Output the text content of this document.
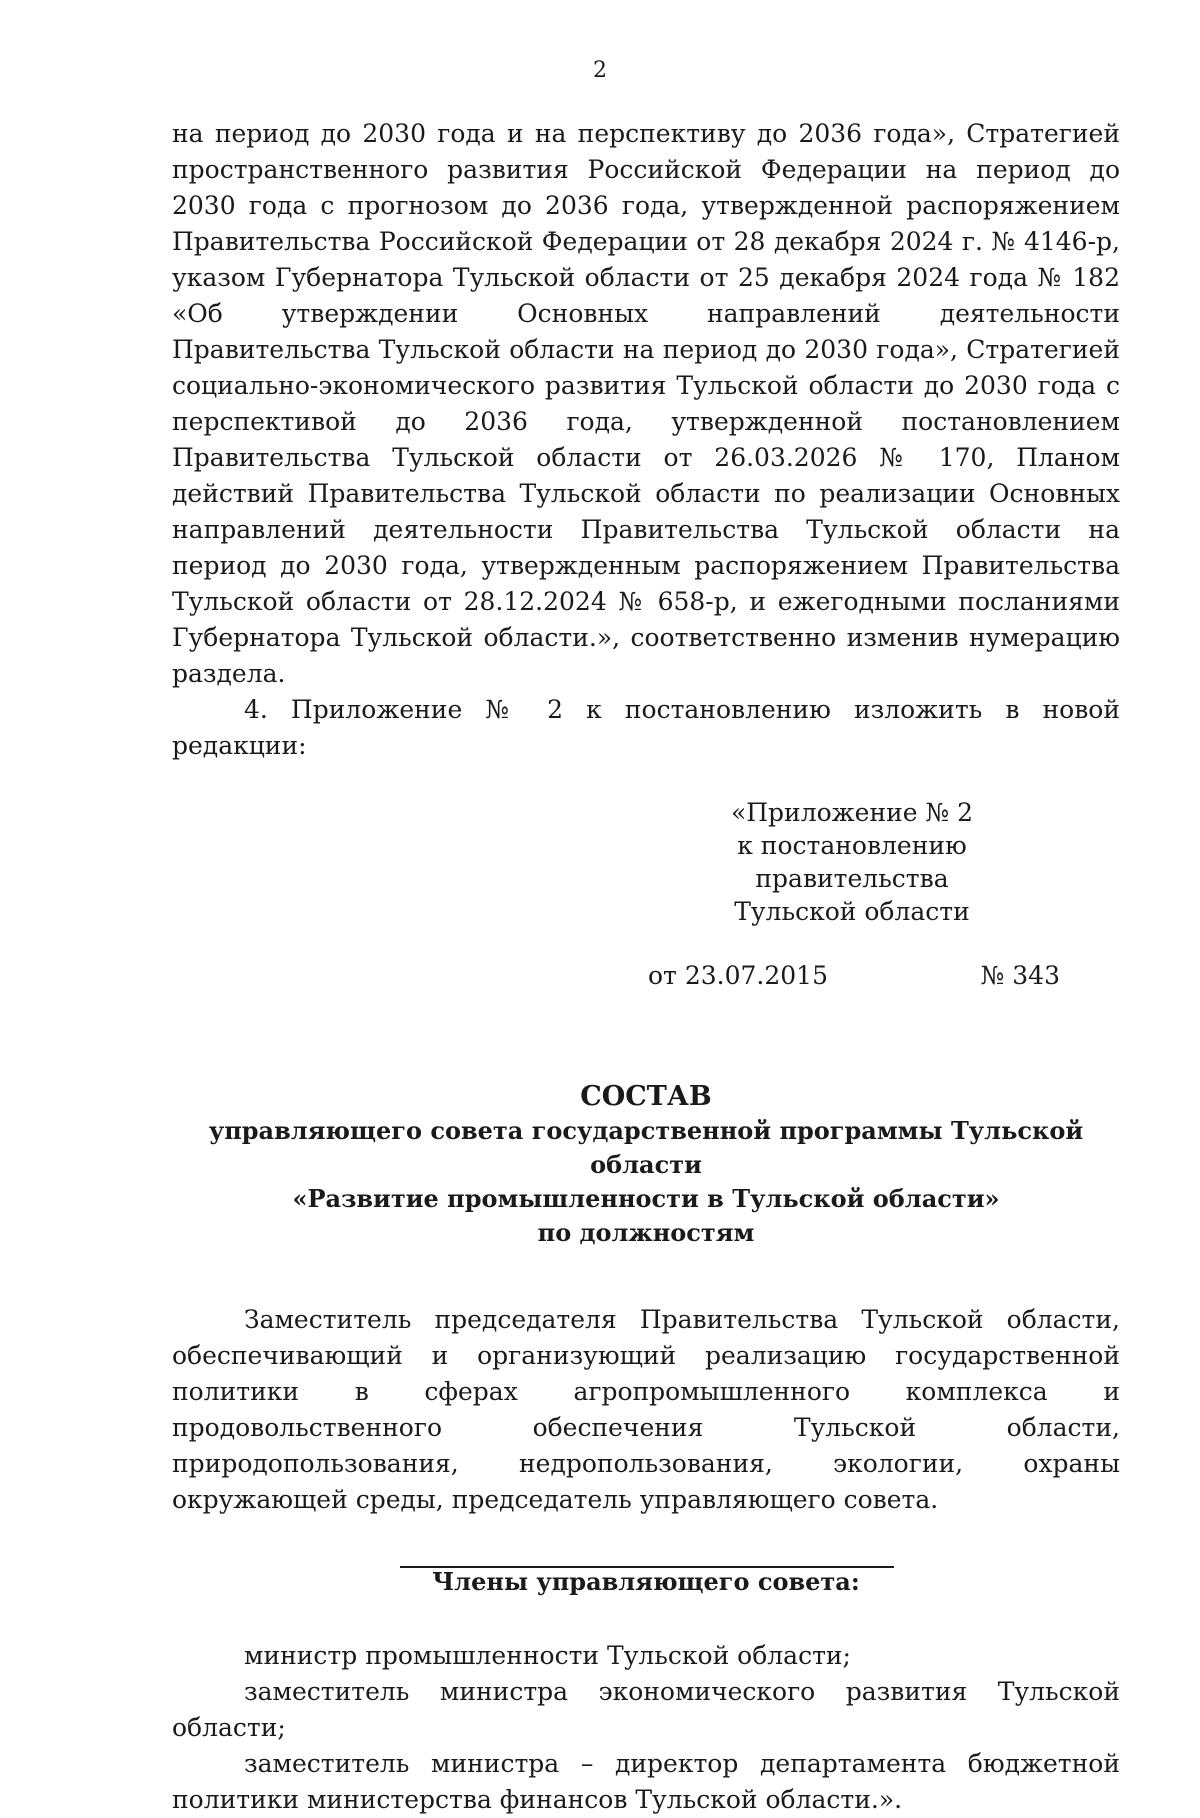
2

на период до 2030 года и на перспективу до 2036 года», Стратегией пространственного развития Российской Федерации на период до 2030 года с прогнозом до 2036 года, утвержденной распоряжением Правительства Российской Федерации от 28 декабря 2024 г. № 4146-р, указом Губернатора Тульской области от 25 декабря 2024 года № 182 «Об утверждении Основных направлений деятельности Правительства Тульской области на период до 2030 года», Стратегией социально-экономического развития Тульской области до 2030 года с перспективой до 2036 года, утвержденной постановлением Правительства Тульской области от 26.03.2026 № 170, Планом действий Правительства Тульской области по реализации Основных направлений деятельности Правительства Тульской области на период до 2030 года, утвержденным распоряжением Правительства Тульской области от 28.12.2024 № 658-р, и ежегодными посланиями Губернатора Тульской области.», соответственно изменив нумерацию раздела.

4. Приложение № 2 к постановлению изложить в новой редакции:

«Приложение № 2

к постановлению правительства

Тульской области

от 23.07.2015	№ 343

СОСТАВ

управляющего совета государственной программы Тульской области

«Развитие промышленности в Тульской области»

по должностям

Заместитель председателя Правительства Тульской области, обеспечивающий и организующий реализацию государственной политики в сферах агропромышленного комплекса и продовольственного обеспечения Тульской области, природопользования, недропользования, экологии, охраны окружающей среды, председатель управляющего совета.

Члены управляющего совета:

министр промышленности Тульской области;

заместитель министра экономического развития Тульской области;

заместитель министра – директор департамента бюджетной политики министерства финансов Тульской области.».
